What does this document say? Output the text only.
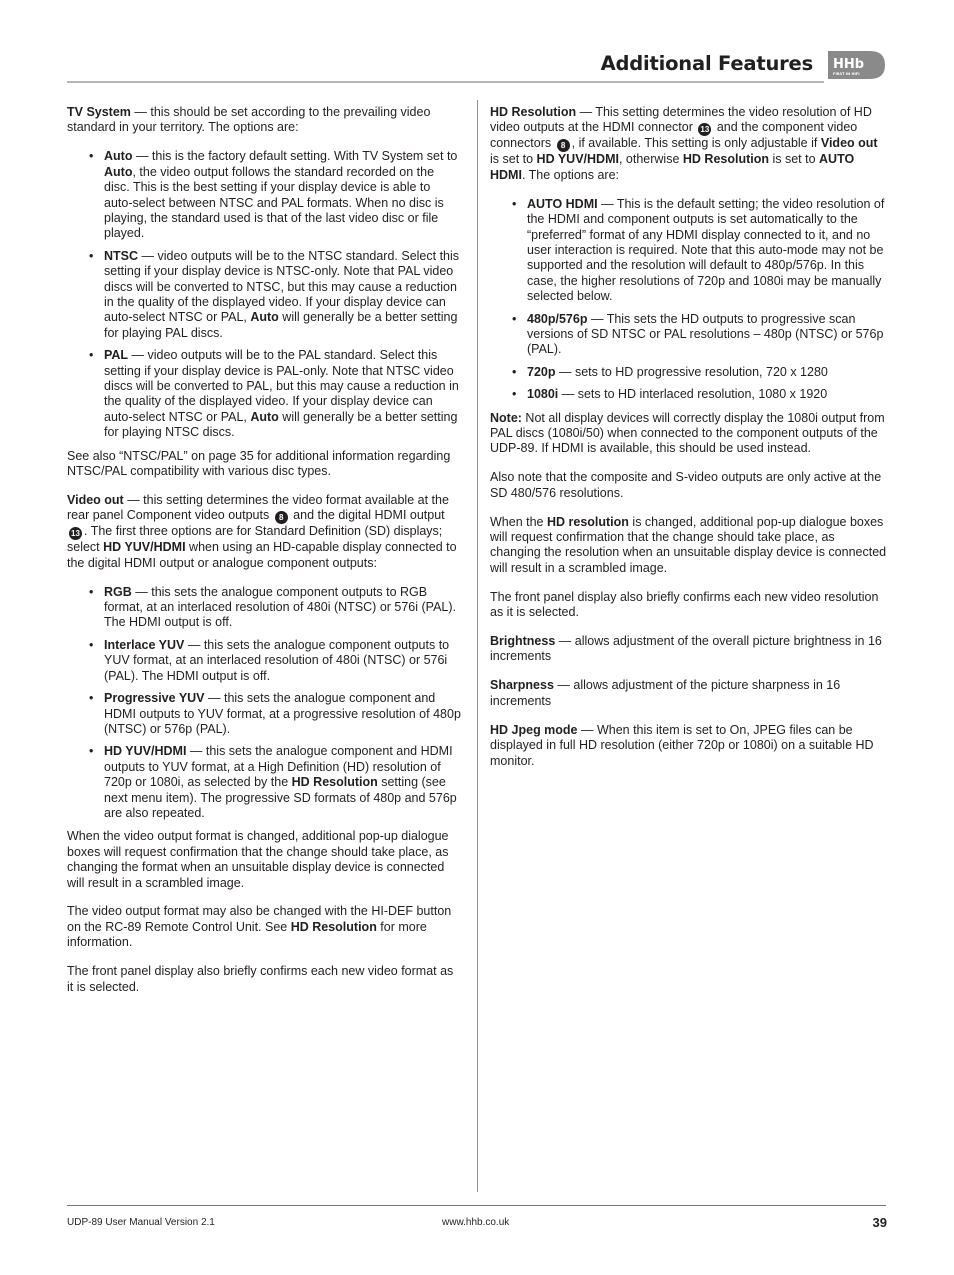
Additional Features HHb
FIRST IN HIFI

TV System — this should be set according to the prevailing video standard in your territory. The options are:

• Auto — this is the factory default setting. With TV System set to Auto, the video output follows the standard recorded on the disc. This is the best setting if your display device is able to auto-select between NTSC and PAL formats. When no disc is playing, the standard used is that of the last video disc or file played.
• NTSC — video outputs will be to the NTSC standard. Select this setting if your display device is NTSC-only. Note that PAL video discs will be converted to NTSC, but this may cause a reduction in the quality of the displayed video. If your display device can auto-select NTSC or PAL, Auto will generally be a better setting for playing PAL discs.
• PAL — video outputs will be to the PAL standard. Select this setting if your display device is PAL-only. Note that NTSC video discs will be converted to PAL, but this may cause a reduction in the quality of the displayed video. If your display device can auto-select NTSC or PAL, Auto will generally be a better setting for playing NTSC discs.

See also “NTSC/PAL” on page 35 for additional information regarding NTSC/PAL compatibility with various disc types.

Video out — this setting determines the video format available at the rear panel Component video outputs 8 and the digital HDMI output 13 . The first three options are for Standard Definition (SD) displays; select HD YUV/HDMI when using an HD-capable display connected to the digital HDMI output or analogue component outputs:

• RGB — this sets the analogue component outputs to RGB format, at an interlaced resolution of 480i (NTSC) or 576i (PAL). The HDMI output is off.
• Interlace YUV — this sets the analogue component outputs to YUV format, at an interlaced resolution of 480i (NTSC) or 576i (PAL). The HDMI output is off.
• Progressive YUV — this sets the analogue component and HDMI outputs to YUV format, at a progressive resolution of 480p (NTSC) or 576p (PAL).
• HD YUV/HDMI — this sets the analogue component and HDMI outputs to YUV format, at a High Definition (HD) resolution of 720p or 1080i, as selected by the HD Resolution setting (see next menu item). The progressive SD formats of 480p and 576p are also repeated.

When the video output format is changed, additional pop-up dialogue boxes will request confirmation that the change should take place, as changing the format when an unsuitable display device is connected will result in a scrambled image.

The video output format may also be changed with the HI-DEF button on the RC-89 Remote Control Unit. See HD Resolution for more information.

The front panel display also briefly confirms each new video format as it is selected.

HD Resolution — This setting determines the video resolution of HD video outputs at the HDMI connector 13 and the component video connectors 8 , if available. This setting is only adjustable if Video out is set to HD YUV/HDMI, otherwise HD Resolution is set to AUTO HDMI. The options are:

• AUTO HDMI — This is the default setting; the video resolution of the HDMI and component outputs is set automatically to the “preferred” format of any HDMI display connected to it, and no user interaction is required. Note that this auto-mode may not be supported and the resolution will default to 480p/576p. In this case, the higher resolutions of 720p and 1080i may be manually selected below.
• 480p/576p — This sets the HD outputs to progressive scan versions of SD NTSC or PAL resolutions – 480p (NTSC) or 576p (PAL).
• 720p — sets to HD progressive resolution, 720 x 1280
• 1080i — sets to HD interlaced resolution, 1080 x 1920

Note: Not all display devices will correctly display the 1080i output from PAL discs (1080i/50) when connected to the component outputs of the UDP-89. If HDMI is available, this should be used instead.

Also note that the composite and S-video outputs are only active at the SD 480/576 resolutions.

When the HD resolution is changed, additional pop-up dialogue boxes will request confirmation that the change should take place, as changing the resolution when an unsuitable display device is connected will result in a scrambled image.

The front panel display also briefly confirms each new video resolution as it is selected.

Brightness — allows adjustment of the overall picture brightness in 16 increments

Sharpness — allows adjustment of the picture sharpness in 16 increments

HD Jpeg mode — When this item is set to On, JPEG files can be displayed in full HD resolution (either 720p or 1080i) on a suitable HD monitor.

UDP-89 User Manual Version 2.1	www.hhb.co.uk	39
